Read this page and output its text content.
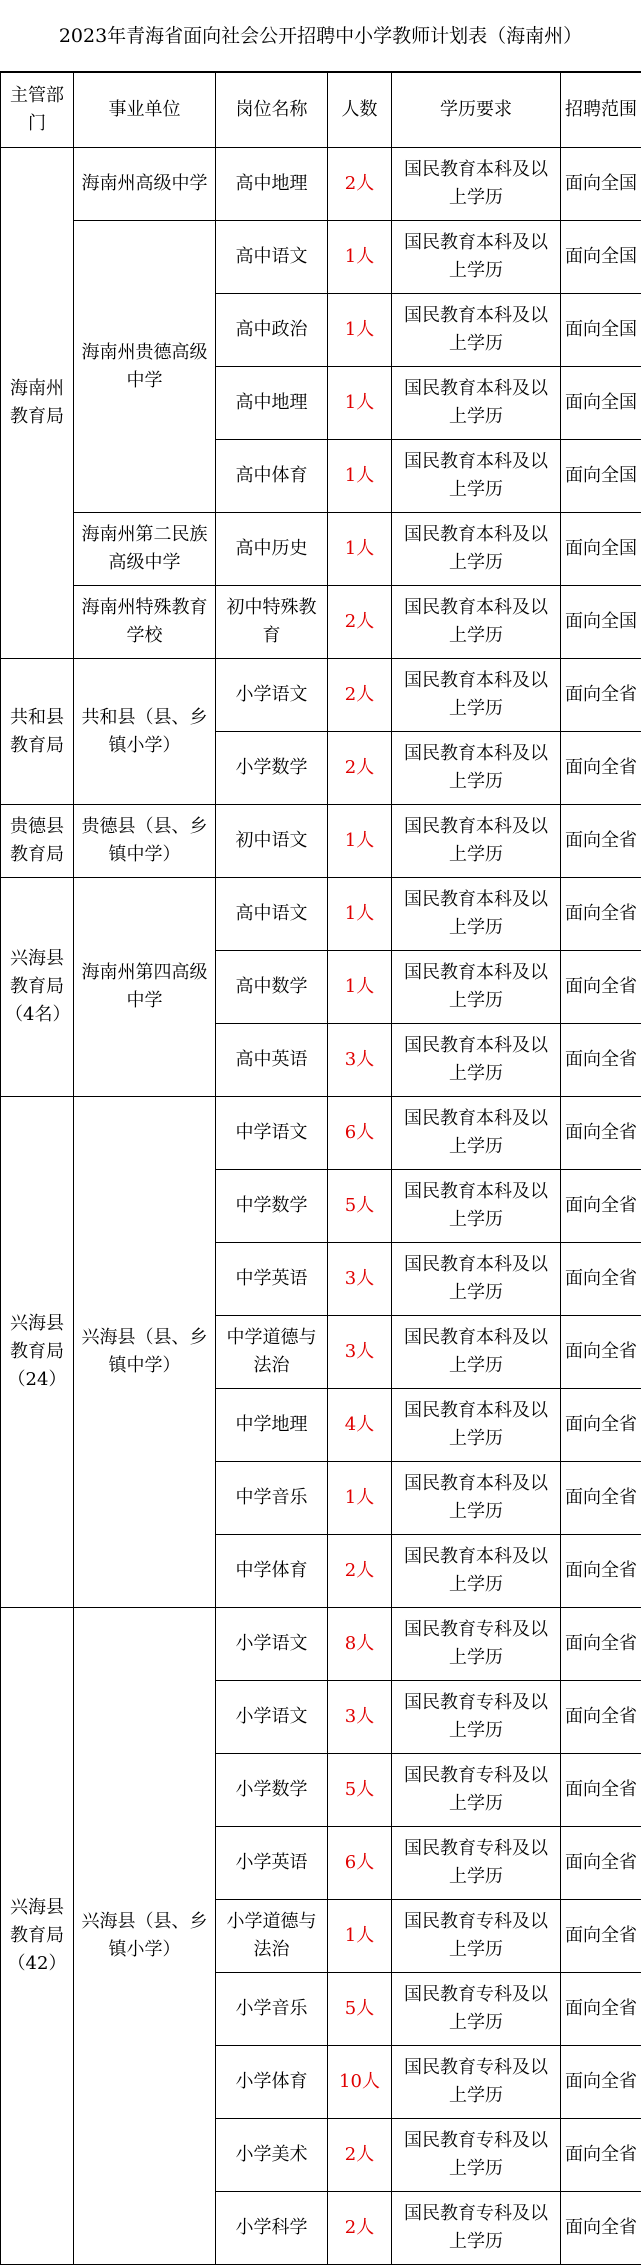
2023年青海省面向社会公开招聘中小学教师计划表（海南州）
主管部门	事业单位	岗位名称	人数	学历要求	招聘范围
海南州教育局	海南州高级中学	高中地理	2人	国民教育本科及以上学历	面向全国
	海南州贵德高级中学	高中语文	1人	国民教育本科及以上学历	面向全国
		高中政治	1人	国民教育本科及以上学历	面向全国
		高中地理	1人	国民教育本科及以上学历	面向全国
		高中体育	1人	国民教育本科及以上学历	面向全国
	海南州第二民族高级中学	高中历史	1人	国民教育本科及以上学历	面向全国
	海南州特殊教育学校	初中特殊教育	2人	国民教育本科及以上学历	面向全国
共和县教育局	共和县（县、乡镇小学）	小学语文	2人	国民教育本科及以上学历	面向全省
		小学数学	2人	国民教育本科及以上学历	面向全省
贵德县教育局	贵德县（县、乡镇中学）	初中语文	1人	国民教育本科及以上学历	面向全省
兴海县教育局（4名）	海南州第四高级中学	高中语文	1人	国民教育本科及以上学历	面向全省
		高中数学	1人	国民教育本科及以上学历	面向全省
		高中英语	3人	国民教育本科及以上学历	面向全省
兴海县教育局（24）	兴海县（县、乡镇中学）	中学语文	6人	国民教育本科及以上学历	面向全省
		中学数学	5人	国民教育本科及以上学历	面向全省
		中学英语	3人	国民教育本科及以上学历	面向全省
		中学道德与法治	3人	国民教育本科及以上学历	面向全省
		中学地理	4人	国民教育本科及以上学历	面向全省
		中学音乐	1人	国民教育本科及以上学历	面向全省
		中学体育	2人	国民教育本科及以上学历	面向全省
兴海县教育局（42）	兴海县（县、乡镇小学）	小学语文	8人	国民教育专科及以上学历	面向全省
		小学语文	3人	国民教育专科及以上学历	面向全省
		小学数学	5人	国民教育专科及以上学历	面向全省
		小学英语	6人	国民教育专科及以上学历	面向全省
		小学道德与法治	1人	国民教育专科及以上学历	面向全省
		小学音乐	5人	国民教育专科及以上学历	面向全省
		小学体育	10人	国民教育专科及以上学历	面向全省
		小学美术	2人	国民教育专科及以上学历	面向全省
		小学科学	2人	国民教育专科及以上学历	面向全省
